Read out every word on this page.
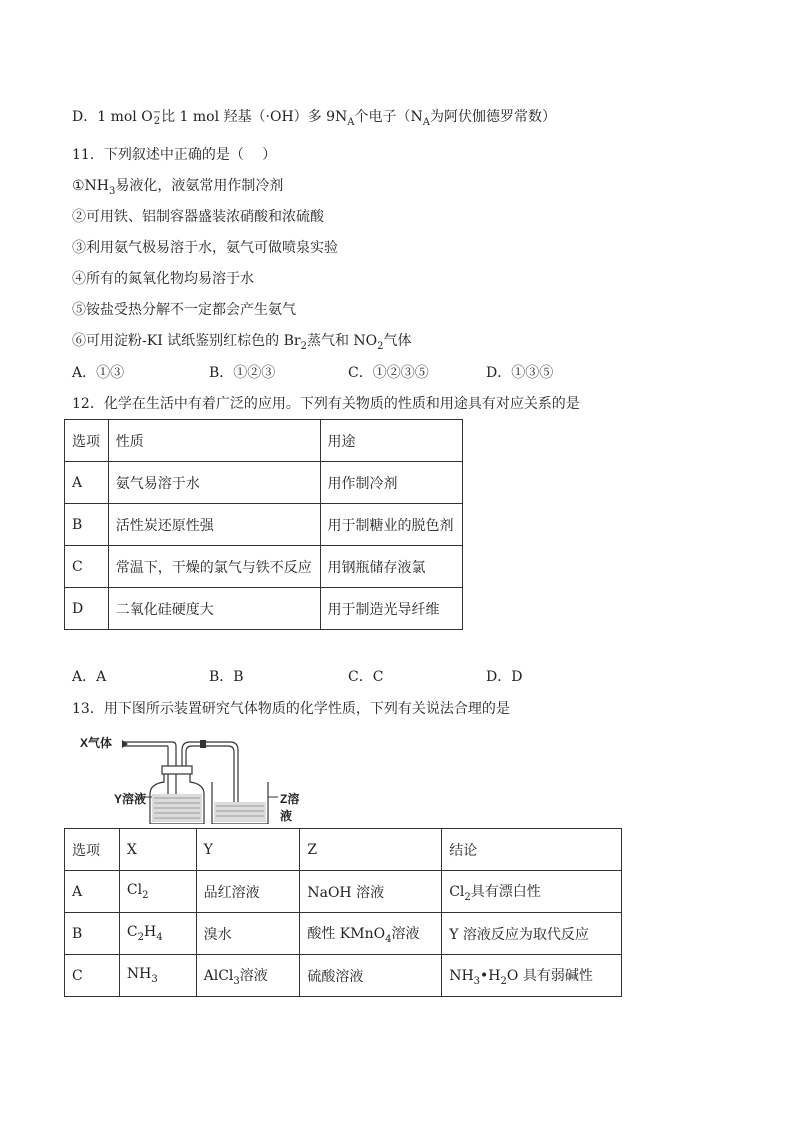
D．1 mol O−
2比 1 mol 羟基（·OH）多 $9N_A$个电子（$N_A$为阿伏伽德罗常数）
11．下列叙述中正确的是（　 ）
$①NH_3$易液化，液氨常用作制冷剂
②可用铁、铝制容器盛装浓硝酸和浓硫酸
③利用氨气极易溶于水，氨气可做喷泉实验
④所有的氮氧化物均易溶于水
⑤铵盐受热分解不一定都会产生氨气
⑥可用淀粉-KI 试纸鉴别红棕色的 $Br_2$蒸气和 $NO_2$气体
A．①③	B．①②③	C．①②③⑤	D．①③⑤
12．化学在生活中有着广泛的应用。下列有关物质的性质和用途具有对应关系的是
选项	性质	用途
A	氨气易溶于水	用作制冷剂
B	活性炭还原性强	用于制糖业的脱色剂
C	常温下，干燥的氯气与铁不反应	用钢瓶储存液氯
D	二氧化硅硬度大	用于制造光导纤维
A．A	B．B	C．C	D．D
13．用下图所示装置研究气体物质的化学性质，下列有关说法合理的是
X气体
Y溶液	Z溶液
选项	X	Y	Z	结论
A	$Cl_2$	品红溶液	NaOH 溶液	$Cl_2$具有漂白性
B	$C_2H_4$	溴水	酸性 KMnO$_4$溶液	Y 溶液反应为取代反应
C	$NH_3$	AlCl$_3$溶液	硫酸溶液	$NH_3•H_2O$ 具有弱碱性
